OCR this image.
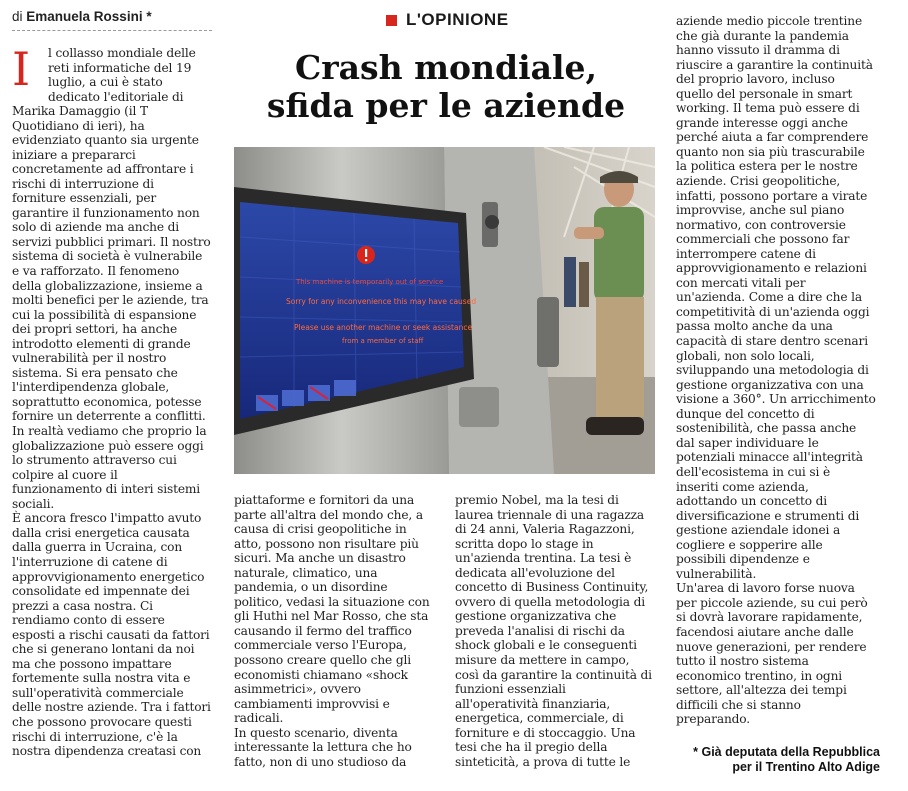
di Emanuela Rossini *	L'OPINIONE
Crash mondiale,
sfida per le aziende
I l collasso mondiale delle
reti informatiche del 19
luglio, a cui è stato
dedicato l'editoriale di
Marika Damaggio (il T
Quotidiano di ieri), ha
evidenziato quanto sia urgente
iniziare a prepararci
concretamente ad affrontare i
rischi di interruzione di
forniture essenziali, per
garantire il funzionamento non
solo di aziende ma anche di
servizi pubblici primari. Il nostro
sistema di società è vulnerabile
e va rafforzato. Il fenomeno
della globalizzazione, insieme a
molti benefici per le aziende, tra
cui la possibilità di espansione
dei propri settori, ha anche
introdotto elementi di grande
vulnerabilità per il nostro
sistema. Si era pensato che
l'interdipendenza globale,
soprattutto economica, potesse
fornire un deterrente a conflitti.
In realtà vediamo che proprio la
globalizzazione può essere oggi
lo strumento attraverso cui
colpire al cuore il
funzionamento di interi sistemi
sociali.
È ancora fresco l'impatto avuto
dalla crisi energetica causata
dalla guerra in Ucraina, con
l'interruzione di catene di
approvvigionamento energetico
consolidate ed impennate dei
prezzi a casa nostra. Ci
rendiamo conto di essere
esposti a rischi causati da fattori
che si generano lontani da noi
ma che possono impattare
fortemente sulla nostra vita e
sull'operatività commerciale
delle nostre aziende. Tra i fattori
che possono provocare questi
rischi di interruzione, c'è la
nostra dipendenza creatasi con
piattaforme e fornitori da una
parte all'altra del mondo che, a
causa di crisi geopolitiche in
atto, possono non risultare più
sicuri. Ma anche un disastro
naturale, climatico, una
pandemia, o un disordine
politico, vedasi la situazione con
gli Huthi nel Mar Rosso, che sta
causando il fermo del traffico
commerciale verso l'Europa,
possono creare quello che gli
economisti chiamano «shock
asimmetrici», ovvero
cambiamenti improvvisi e
radicali.
In questo scenario, diventa
interessante la lettura che ho
fatto, non di uno studioso da
premio Nobel, ma la tesi di
laurea triennale di una ragazza
di 24 anni, Valeria Ragazzoni,
scritta dopo lo stage in
un'azienda trentina. La tesi è
dedicata all'evoluzione del
concetto di Business Continuity,
ovvero di quella metodologia di
gestione organizzativa che
preveda l'analisi di rischi da
shock globali e le conseguenti
misure da mettere in campo,
così da garantire la continuità di
funzioni essenziali
all'operatività finanziaria,
energetica, commerciale, di
forniture e di stoccaggio. Una
tesi che ha il pregio della
sinteticità, a prova di tutte le
aziende medio piccole trentine
che già durante la pandemia
hanno vissuto il dramma di
riuscire a garantire la continuità
del proprio lavoro, incluso
quello del personale in smart
working. Il tema può essere di
grande interesse oggi anche
perché aiuta a far comprendere
quanto non sia più trascurabile
la politica estera per le nostre
aziende. Crisi geopolitiche,
infatti, possono portare a virate
improvvise, anche sul piano
normativo, con controversie
commerciali che possono far
interrompere catene di
approvvigionamento e relazioni
con mercati vitali per
un'azienda. Come a dire che la
competitività di un'azienda oggi
passa molto anche da una
capacità di stare dentro scenari
globali, non solo locali,
sviluppando una metodologia di
gestione organizzativa con una
visione a 360°. Un arricchimento
dunque del concetto di
sostenibilità, che passa anche
dal saper individuare le
potenziali minacce all'integrità
dell'ecosistema in cui si è
inseriti come azienda,
adottando un concetto di
diversificazione e strumenti di
gestione aziendale idonei a
cogliere e sopperire alle
possibili dipendenze e
vulnerabilità.
Un'area di lavoro forse nuova
per piccole aziende, su cui però
si dovrà lavorare rapidamente,
facendosi aiutare anche dalle
nuove generazioni, per rendere
tutto il nostro sistema
economico trentino, in ogni
settore, all'altezza dei tempi
difficili che si stanno
preparando.
This machine is temporarily out of service
Sorry for any inconvenience this may have caused
Please use another machine or seek assistance
from a member of staff
* Già deputata della Repubblica
per il Trentino Alto Adige
